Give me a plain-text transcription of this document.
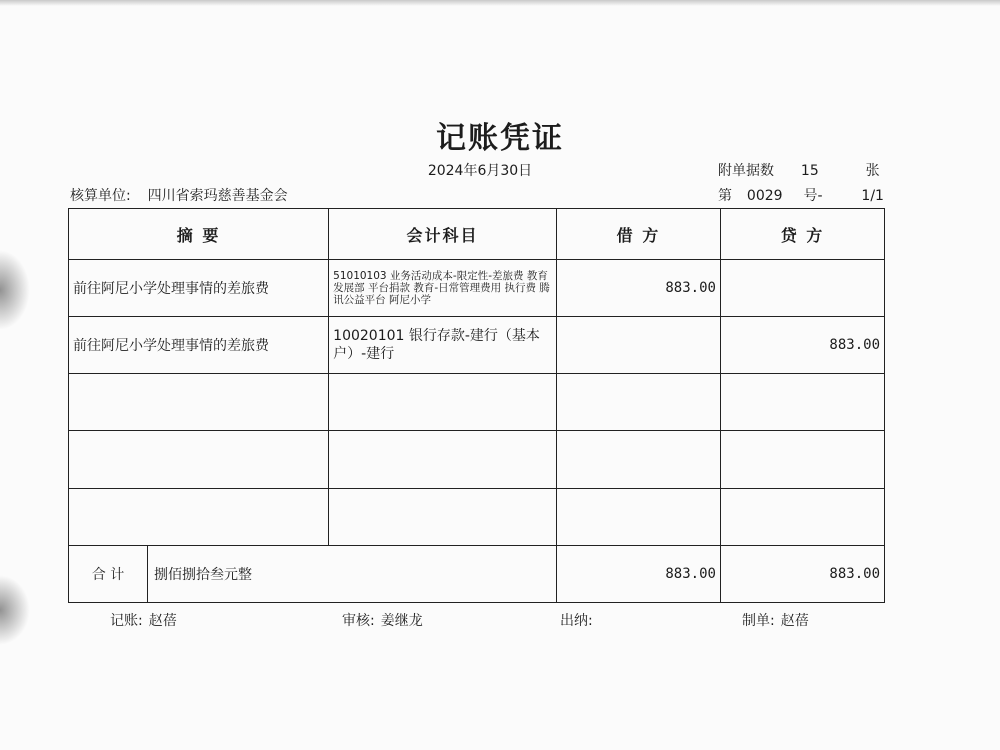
记账凭证
2024年6月30日	附单据数 15	张
核算单位: 四川省索玛慈善基金会	第 0029 号-	1/1
摘 要	会计科目	借 方	贷 方
前往阿尼小学处理事情的差旅费	51010103 业务活动成本-限定性-差旅费 教育发展部 平台捐款 教育-日常管理费用 执行费 腾讯公益平台 阿尼小学	883.00	
前往阿尼小学处理事情的差旅费	10020101 银行存款-建行（基本户）-建行		883.00

合 计 捌佰捌拾叁元整		883.00	883.00
记账: 赵蓓	审核: 姜继龙	出纳:	制单: 赵蓓
